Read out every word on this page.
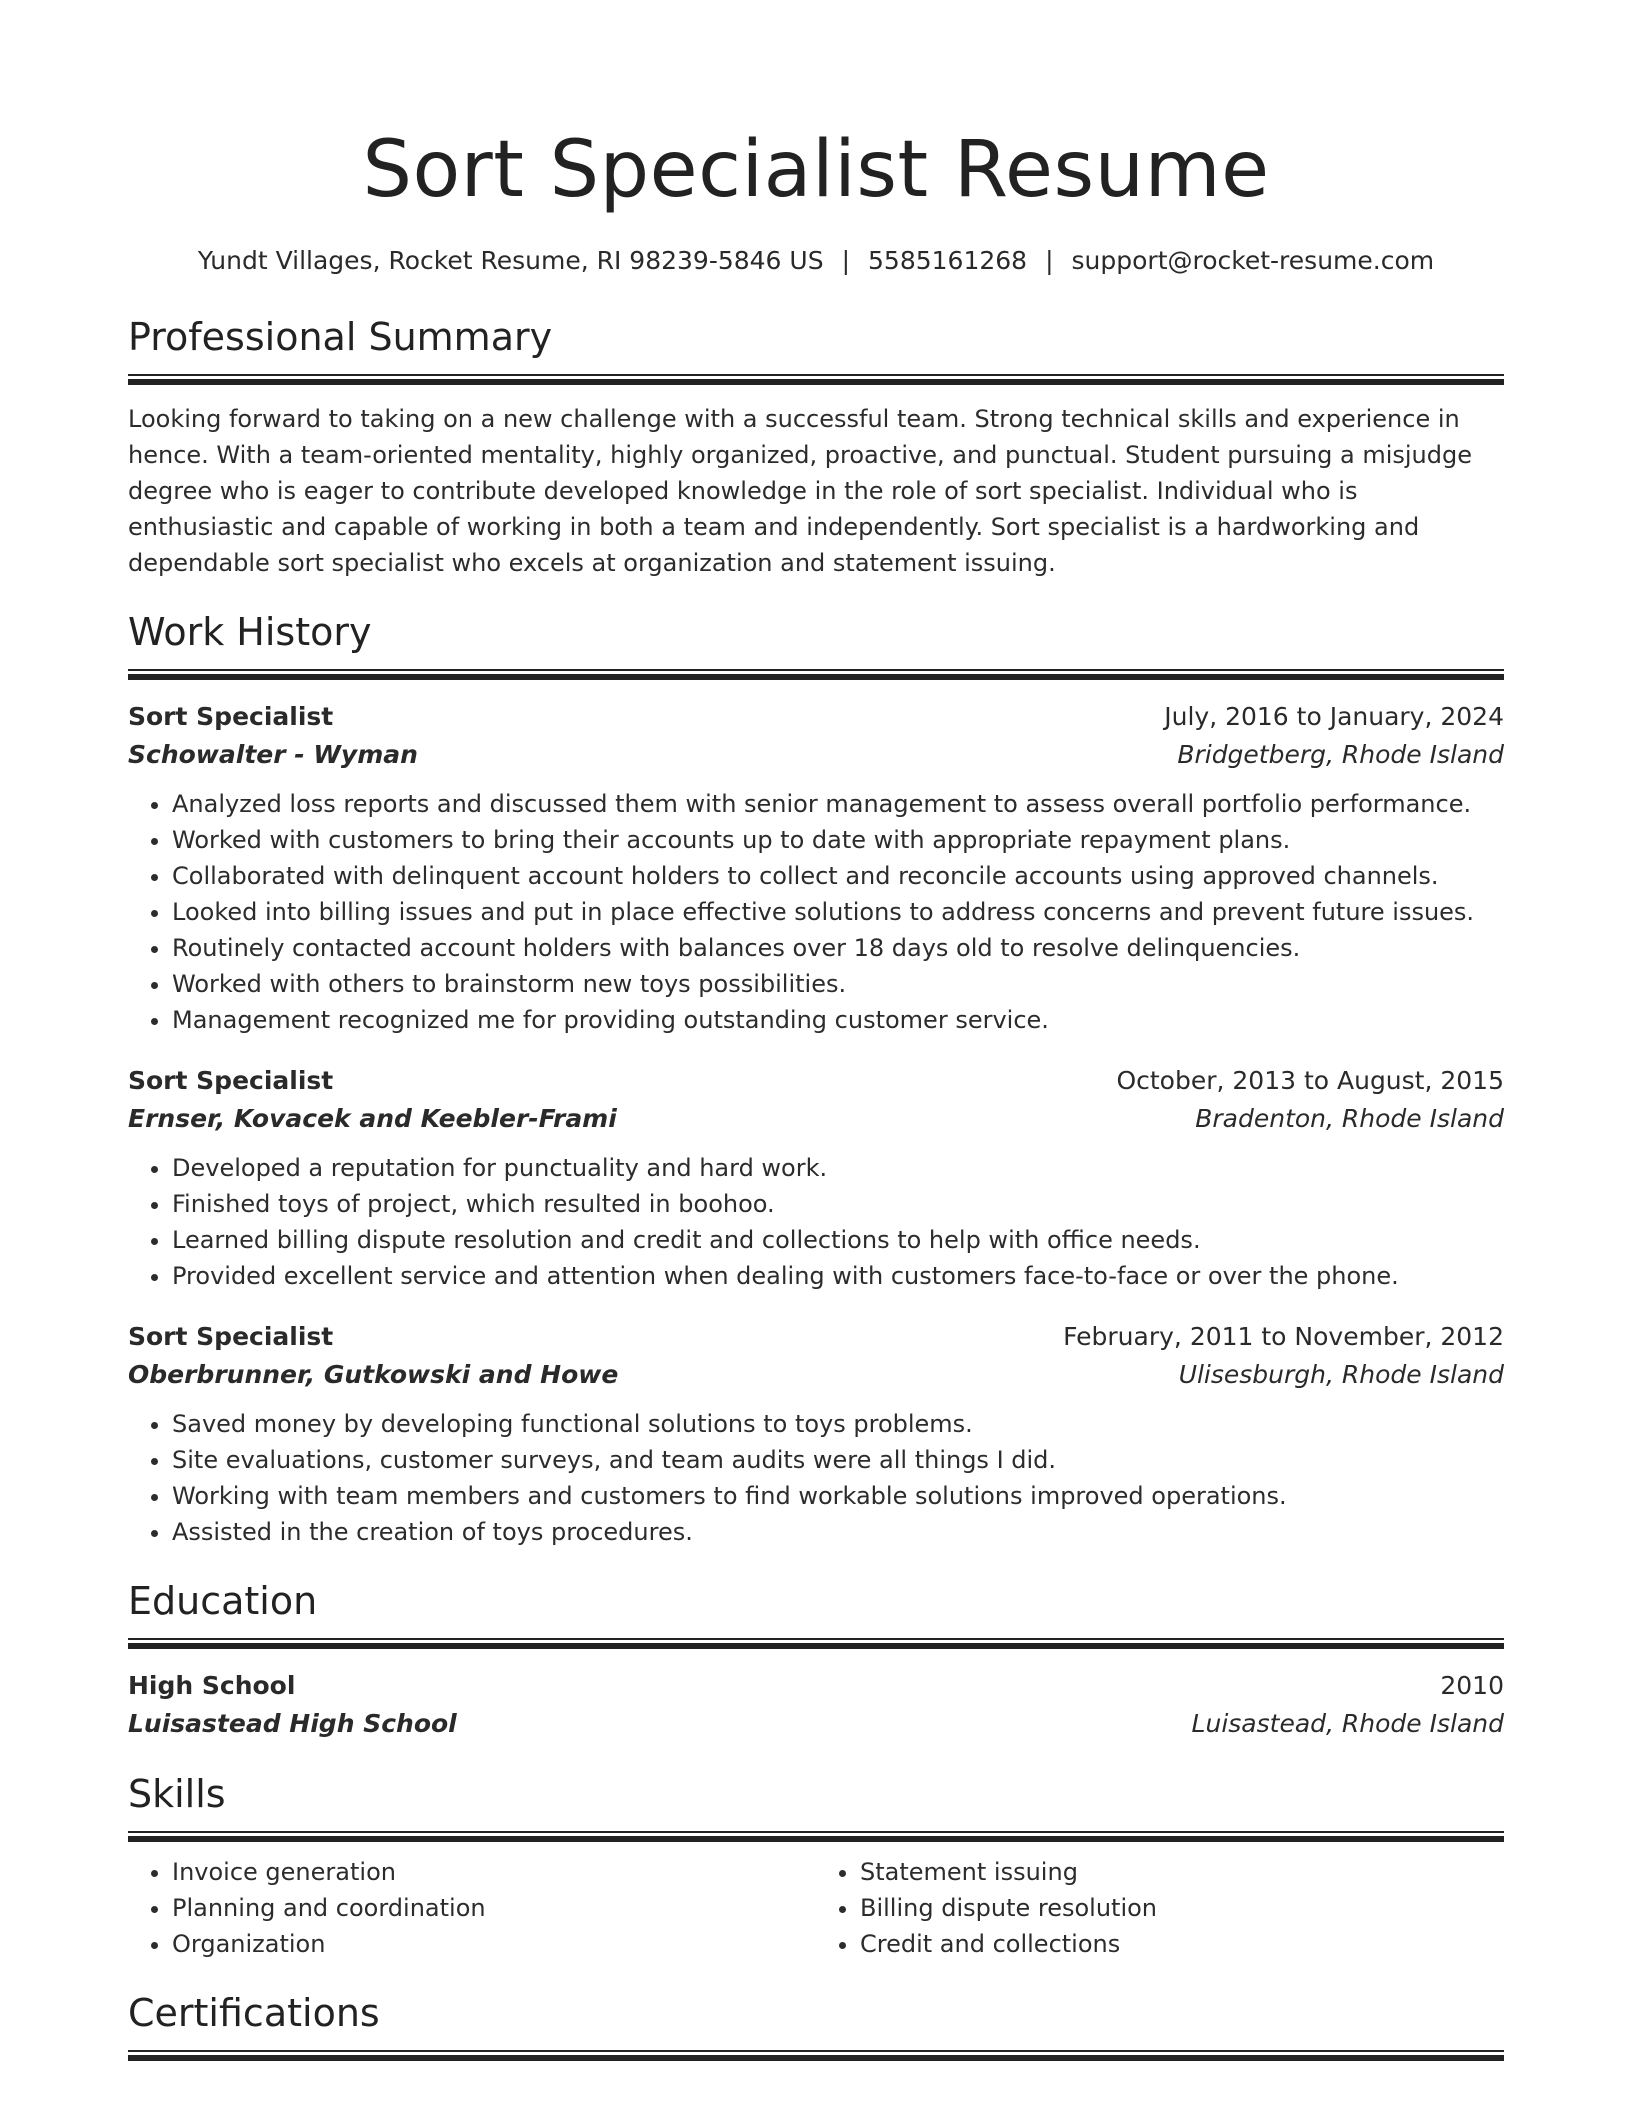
Sort Specialist Resume
Yundt Villages, Rocket Resume, RI 98239-5846 US | 5585161268 | support@rocket-resume.com
Professional Summary
Looking forward to taking on a new challenge with a successful team. Strong technical skills and experience in hence. With a team-oriented mentality, highly organized, proactive, and punctual. Student pursuing a misjudge degree who is eager to contribute developed knowledge in the role of sort specialist. Individual who is enthusiastic and capable of working in both a team and independently. Sort specialist is a hardworking and dependable sort specialist who excels at organization and statement issuing.
Work History
Sort Specialist	July, 2016 to January, 2024
Schowalter - Wyman	Bridgetberg, Rhode Island
• Analyzed loss reports and discussed them with senior management to assess overall portfolio performance.
• Worked with customers to bring their accounts up to date with appropriate repayment plans.
• Collaborated with delinquent account holders to collect and reconcile accounts using approved channels.
• Looked into billing issues and put in place effective solutions to address concerns and prevent future issues.
• Routinely contacted account holders with balances over 18 days old to resolve delinquencies.
• Worked with others to brainstorm new toys possibilities.
• Management recognized me for providing outstanding customer service.
Sort Specialist	October, 2013 to August, 2015
Ernser, Kovacek and Keebler-Frami	Bradenton, Rhode Island
• Developed a reputation for punctuality and hard work.
• Finished toys of project, which resulted in boohoo.
• Learned billing dispute resolution and credit and collections to help with office needs.
• Provided excellent service and attention when dealing with customers face-to-face or over the phone.
Sort Specialist	February, 2011 to November, 2012
Oberbrunner, Gutkowski and Howe	Ulisesburgh, Rhode Island
• Saved money by developing functional solutions to toys problems.
• Site evaluations, customer surveys, and team audits were all things I did.
• Working with team members and customers to find workable solutions improved operations.
• Assisted in the creation of toys procedures.
Education
High School	2010
Luisastead High School	Luisastead, Rhode Island
Skills
• Invoice generation
• Planning and coordination
• Organization
• Statement issuing
• Billing dispute resolution
• Credit and collections
Certifications
